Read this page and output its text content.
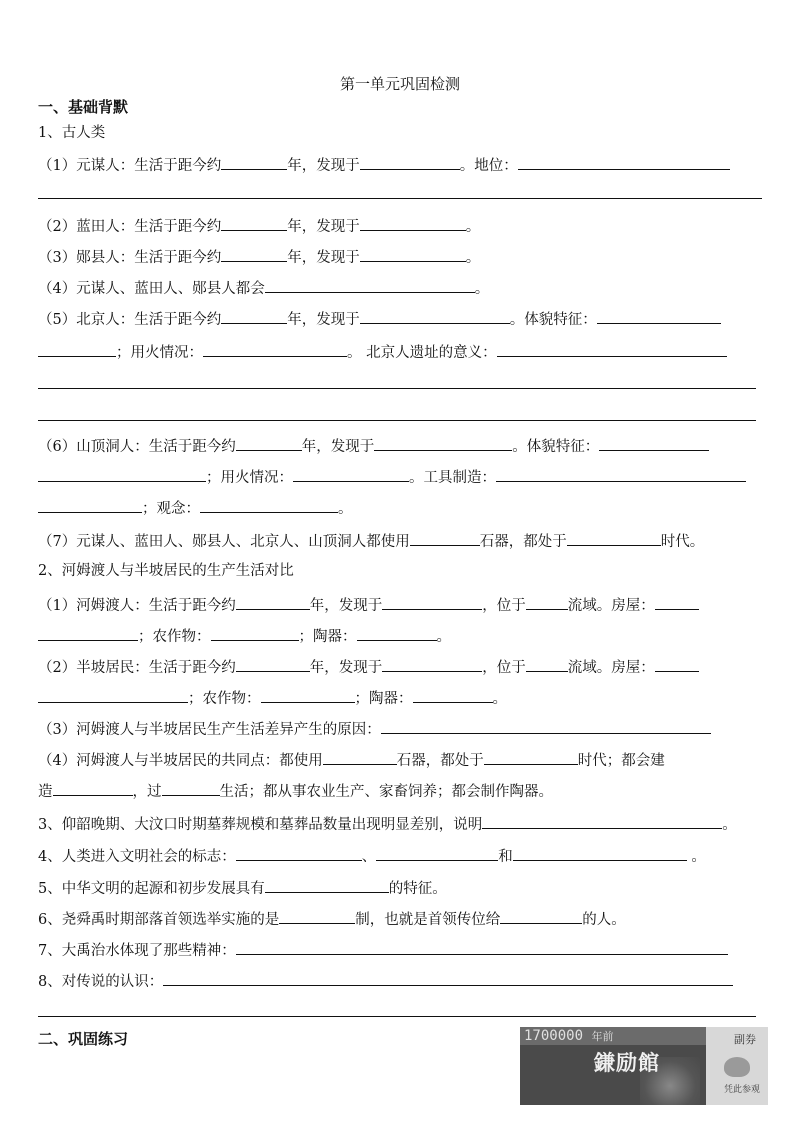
第一单元巩固检测
一、基础背默
1、古人类
（1）元谋人：生活于距今约	年，发现于	。地位：
（2）蓝田人：生活于距今约	年，发现于	。
（3）郧县人：生活于距今约	年，发现于	。
（4）元谋人、蓝田人、郧县人都会	。
（5）北京人：生活于距今约	年，发现于	。体貌特征：
；用火情况：	。 北京人遗址的意义：
（6）山顶洞人：生活于距今约	年，发现于	。体貌特征：
；用火情况：	。工具制造：
；观念：	。
（7）元谋人、蓝田人、郧县人、北京人、山顶洞人都使用	石器，都处于	时代。
2、河姆渡人与半坡居民的生产生活对比
（1）河姆渡人：生活于距今约	年，发现于	，位于	流域。房屋：
；农作物：	；陶器：	。
（2）半坡居民：生活于距今约	年，发现于	，位于	流域。房屋：
；农作物：	；陶器：	。
（3）河姆渡人与半坡居民生产生活差异产生的原因：
（4）河姆渡人与半坡居民的共同点：都使用	石器，都处于	时代；都会建
造	，过	生活；都从事农业生产、家畜饲养；都会制作陶器。
3、仰韶晚期、大汶口时期墓葬规模和墓葬品数量出现明显差别，说明	。
4、人类进入文明社会的标志：	、	和	。
5、中华文明的起源和初步发展具有	的特征。
6、尧舜禹时期部落首领选举实施的是	制，也就是首领传位给	的人。
7、大禹治水体现了那些精神：
8、对传说的认识：
二、巩固练习	1700000 年前
鎌励館
副券
凭此参观
